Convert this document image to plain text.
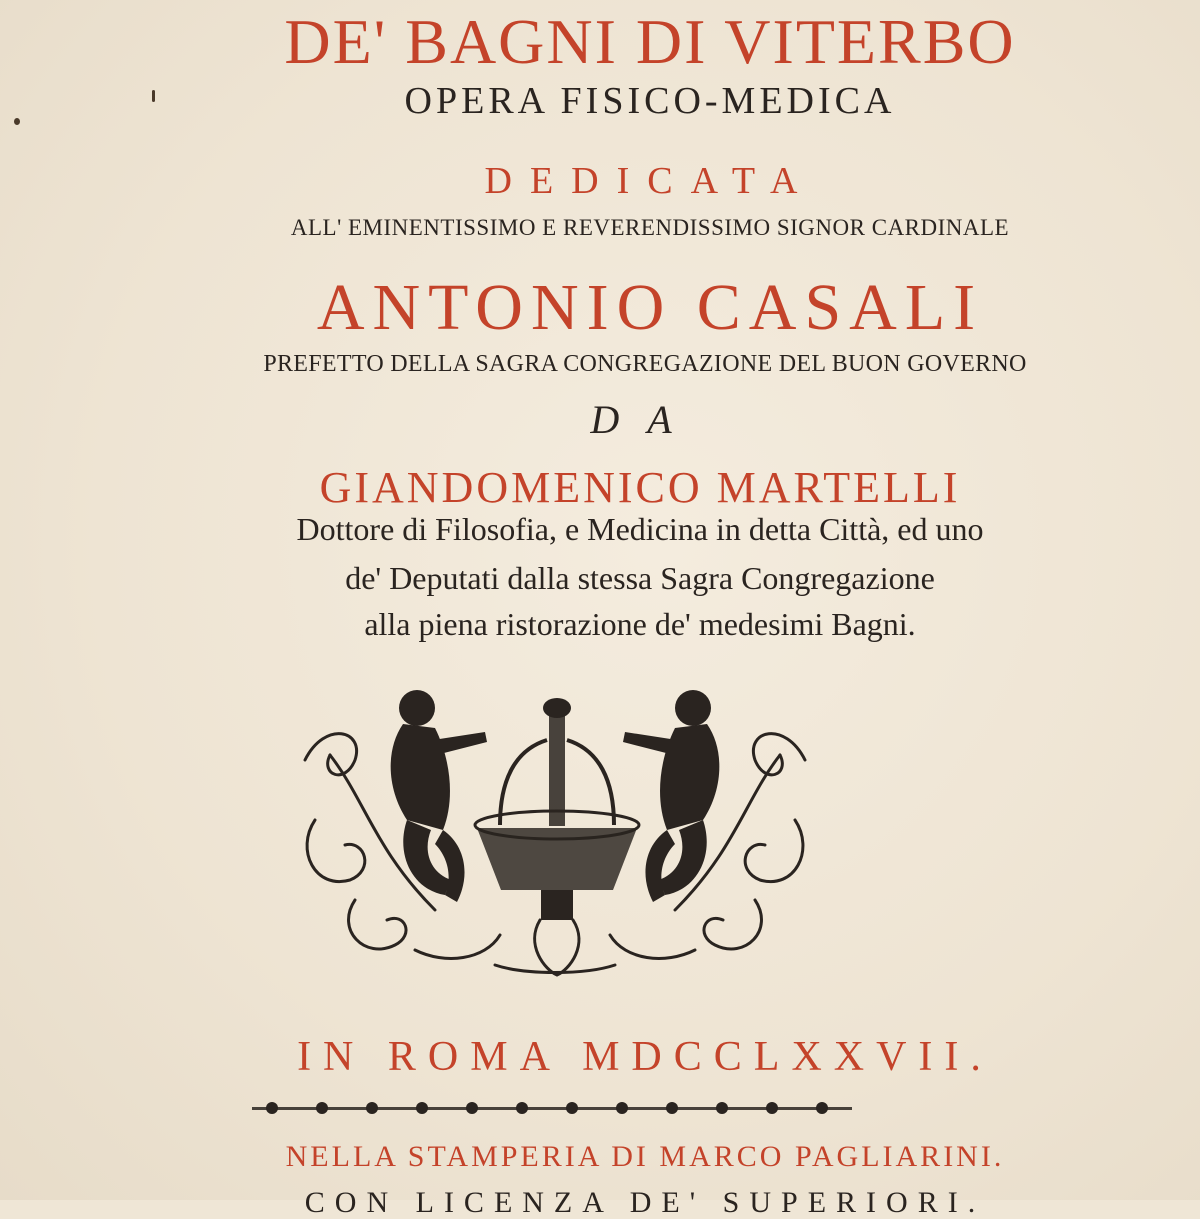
DE' BAGNI DI VITERBO
OPERA FISICO-MEDICA
DEDICATA
ALL' EMINENTISSIMO E REVERENDISSIMO SIGNOR CARDINALE
ANTONIO CASALI
PREFETTO DELLA SAGRA CONGREGAZIONE DEL BUON GOVERNO
DA
GIANDOMENICO MARTELLI
Dottore di Filosofia, e Medicina in detta Città, ed uno
de' Deputati dalla stessa Sagra Congregazione
alla piena ristorazione de' medesimi Bagni.
IN ROMA MDCCLXXVII.
NELLA STAMPERIA DI MARCO PAGLIARINI.
CON LICENZA DE' SUPERIORI.
